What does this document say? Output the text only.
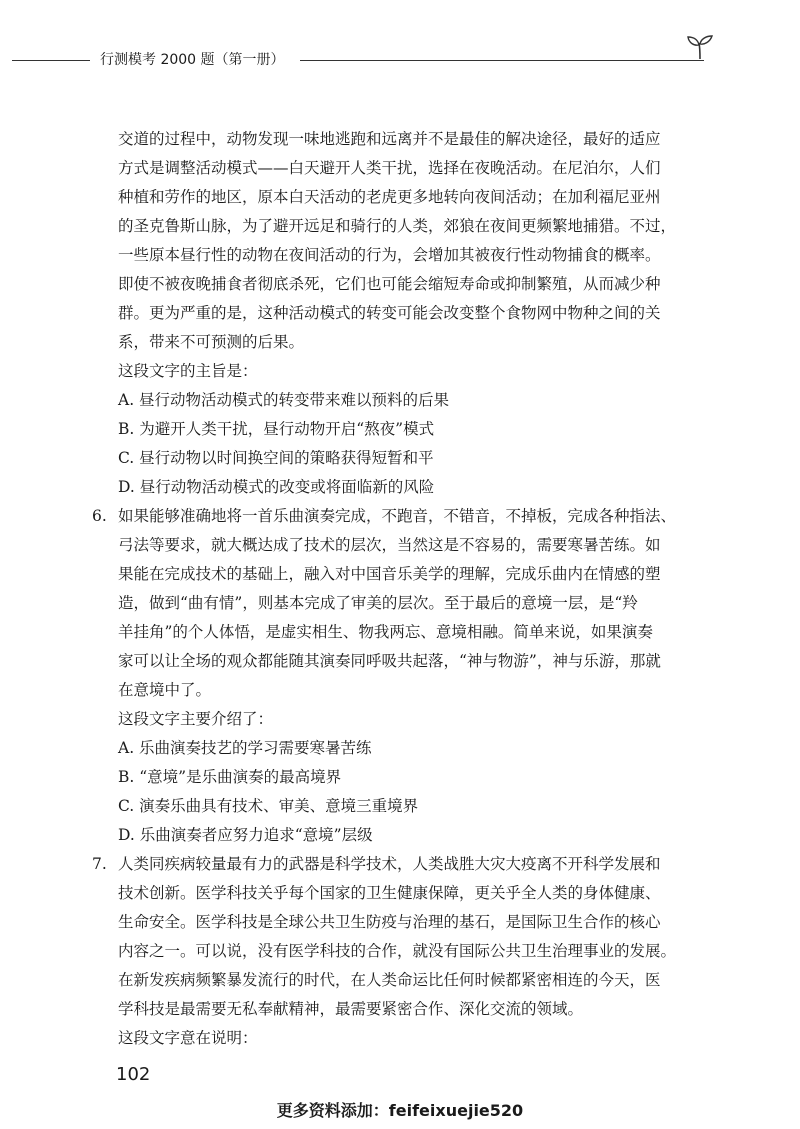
行测模考 2000 题（第一册）

交道的过程中，动物发现一味地逃跑和远离并不是最佳的解决途径，最好的适应

方式是调整活动模式——白天避开人类干扰，选择在夜晚活动。在尼泊尔，人们

种植和劳作的地区，原本白天活动的老虎更多地转向夜间活动；在加利福尼亚州

的圣克鲁斯山脉，为了避开远足和骑行的人类，郊狼在夜间更频繁地捕猎。不过，

一些原本昼行性的动物在夜间活动的行为，会增加其被夜行性动物捕食的概率。

即使不被夜晚捕食者彻底杀死，它们也可能会缩短寿命或抑制繁殖，从而减少种

群。更为严重的是，这种活动模式的转变可能会改变整个食物网中物种之间的关

系，带来不可预测的后果。

这段文字的主旨是：

A. 昼行动物活动模式的转变带来难以预料的后果

B. 为避开人类干扰，昼行动物开启“熬夜”模式

C. 昼行动物以时间换空间的策略获得短暂和平

D. 昼行动物活动模式的改变或将面临新的风险

6. 如果能够准确地将一首乐曲演奏完成，不跑音，不错音，不掉板，完成各种指法、

弓法等要求，就大概达成了技术的层次，当然这是不容易的，需要寒暑苦练。如

果能在完成技术的基础上，融入对中国音乐美学的理解，完成乐曲内在情感的塑

造，做到“曲有情”，则基本完成了审美的层次。至于最后的意境一层，是“羚

羊挂角”的个人体悟，是虚实相生、物我两忘、意境相融。简单来说，如果演奏

家可以让全场的观众都能随其演奏同呼吸共起落，“神与物游”，神与乐游，那就

在意境中了。

这段文字主要介绍了：

A. 乐曲演奏技艺的学习需要寒暑苦练

B. “意境”是乐曲演奏的最高境界

C. 演奏乐曲具有技术、审美、意境三重境界

D. 乐曲演奏者应努力追求“意境”层级

7. 人类同疾病较量最有力的武器是科学技术，人类战胜大灾大疫离不开科学发展和

技术创新。医学科技关乎每个国家的卫生健康保障，更关乎全人类的身体健康、

生命安全。医学科技是全球公共卫生防疫与治理的基石，是国际卫生合作的核心

内容之一。可以说，没有医学科技的合作，就没有国际公共卫生治理事业的发展。

在新发疾病频繁暴发流行的时代，在人类命运比任何时候都紧密相连的今天，医

学科技是最需要无私奉献精神，最需要紧密合作、深化交流的领域。

这段文字意在说明：

102
更多资料添加：feifeixuejie520
